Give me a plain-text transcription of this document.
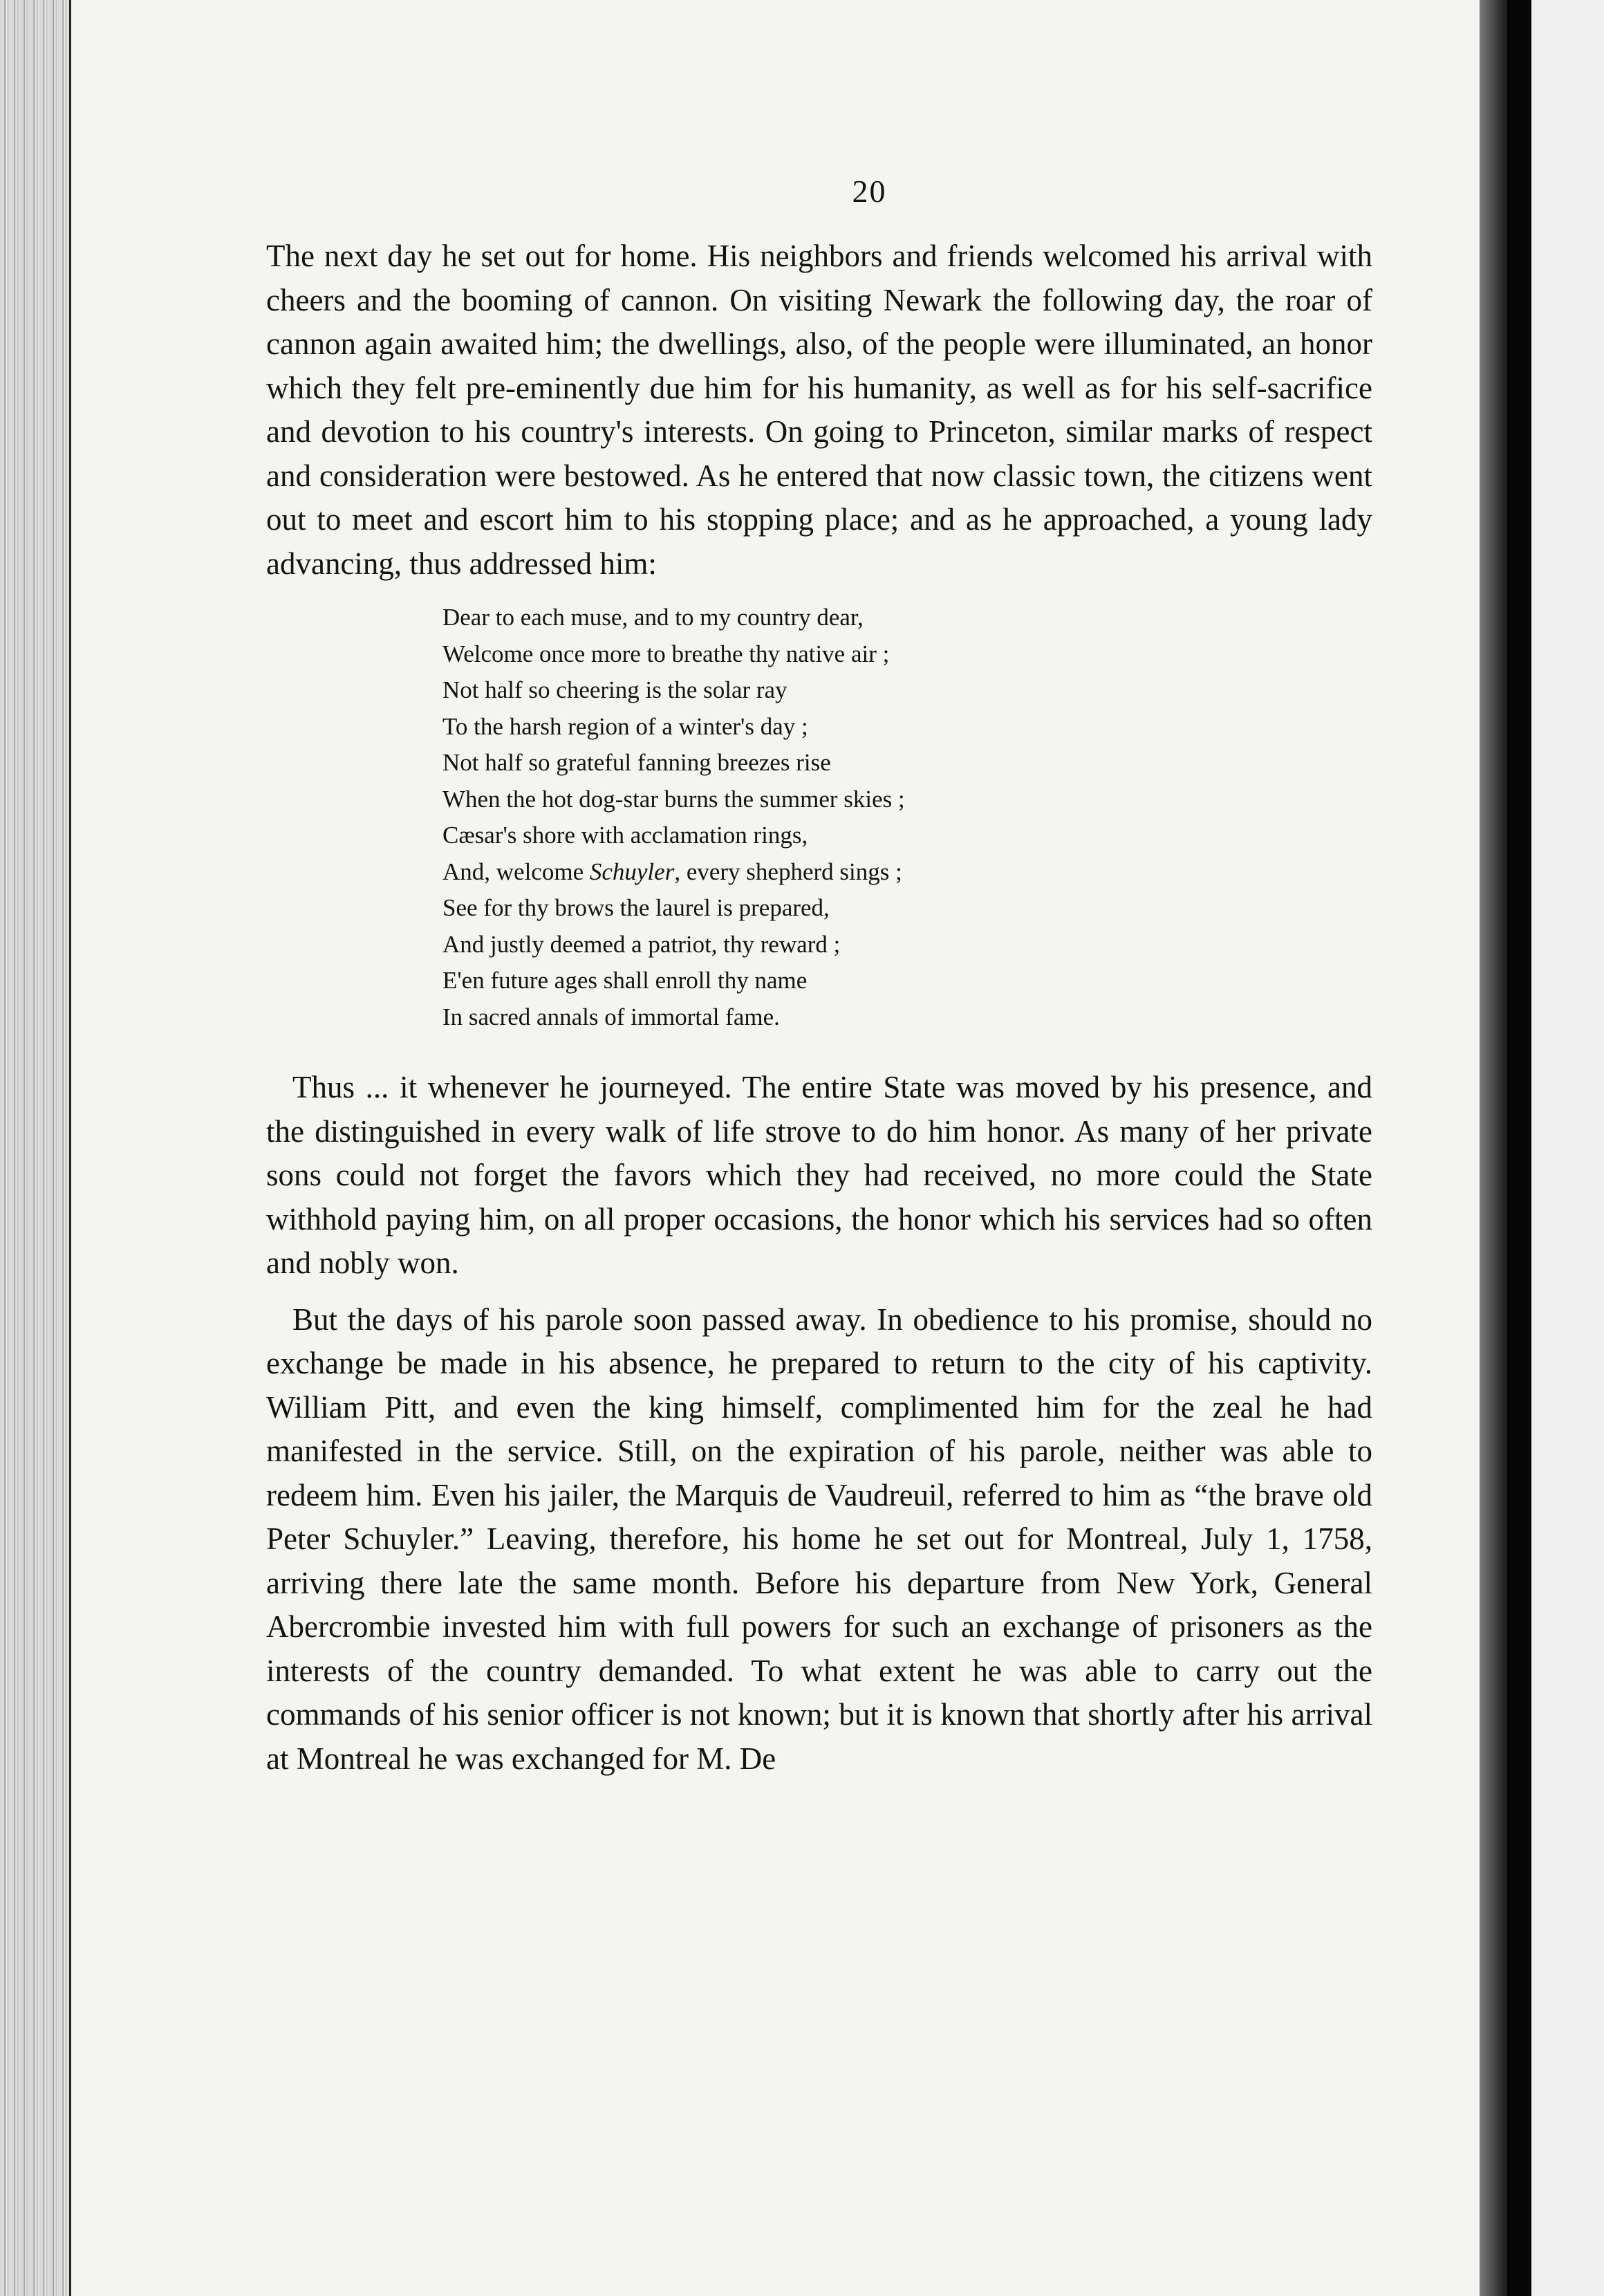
20

The next day he set out for home. His neighbors and friends welcomed his arrival with cheers and the booming of cannon. On visiting Newark the following day, the roar of cannon again awaited him; the dwellings, also, of the people were illuminated, an honor which they felt pre-eminently due him for his humanity, as well as for his self-sacrifice and devotion to his country's interests. On going to Princeton, similar marks of respect and consideration were bestowed. As he entered that now classic town, the citizens went out to meet and escort him to his stopping place; and as he approached, a young lady advancing, thus addressed him:

Dear to each muse, and to my country dear,
Welcome once more to breathe thy native air ;
Not half so cheering is the solar ray
To the harsh region of a winter's day ;
Not half so grateful fanning breezes rise
When the hot dog-star burns the summer skies ;
Cæsar's shore with acclamation rings,
And, welcome Schuyler, every shepherd sings ;
See for thy brows the laurel is prepared,
And justly deemed a patriot, thy reward ;
E'en future ages shall enroll thy name
In sacred annals of immortal fame.

Thus ... it whenever he journeyed. The entire State was moved by his presence, and the distinguished in every walk of life strove to do him honor. As many of her private sons could not forget the favors which they had received, no more could the State withhold paying him, on all proper occasions, the honor which his services had so often and nobly won.

But the days of his parole soon passed away. In obedience to his promise, should no exchange be made in his absence, he prepared to return to the city of his captivity. William Pitt, and even the king himself, complimented him for the zeal he had manifested in the service. Still, on the expiration of his parole, neither was able to redeem him. Even his jailer, the Marquis de Vaudreuil, referred to him as “the brave old Peter Schuyler.” Leaving, therefore, his home he set out for Montreal, July 1, 1758, arriving there late the same month. Before his departure from New York, General Abercrombie invested him with full powers for such an exchange of prisoners as the interests of the country demanded. To what extent he was able to carry out the commands of his senior officer is not known; but it is known that shortly after his arrival at Montreal he was exchanged for M. De
